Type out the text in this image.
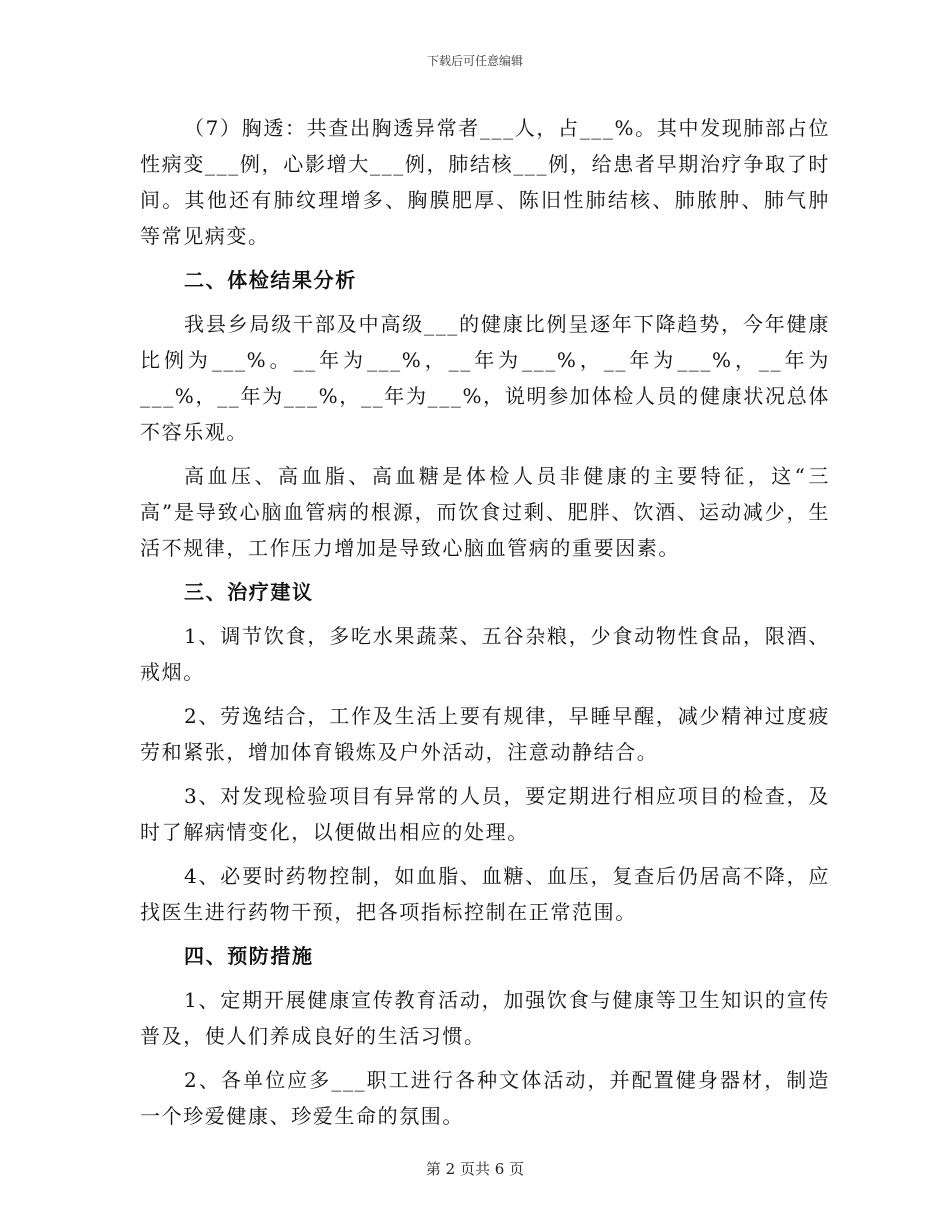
下载后可任意编辑

（7）胸透：共查出胸透异常者___人，占___%。其中发现肺部占位性病变___例，心影增大___例，肺结核___例，给患者早期治疗争取了时间。其他还有肺纹理增多、胸膜肥厚、陈旧性肺结核、肺脓肿、肺气肿等常见病变。

二、体检结果分析

我县乡局级干部及中高级___的健康比例呈逐年下降趋势，今年健康比例为___%。__年为___%，__年为___%，__年为___%，__年为___%，__年为___%，__年为___%，说明参加体检人员的健康状况总体不容乐观。

高血压、高血脂、高血糖是体检人员非健康的主要特征，这“三高”是导致心脑血管病的根源，而饮食过剩、肥胖、饮酒、运动减少，生活不规律，工作压力增加是导致心脑血管病的重要因素。

三、治疗建议

1、调节饮食，多吃水果蔬菜、五谷杂粮，少食动物性食品，限酒、戒烟。

2、劳逸结合，工作及生活上要有规律，早睡早醒，减少精神过度疲劳和紧张，增加体育锻炼及户外活动，注意动静结合。

3、对发现检验项目有异常的人员，要定期进行相应项目的检查，及时了解病情变化，以便做出相应的处理。

4、必要时药物控制，如血脂、血糖、血压，复查后仍居高不降，应找医生进行药物干预，把各项指标控制在正常范围。

四、预防措施

1、定期开展健康宣传教育活动，加强饮食与健康等卫生知识的宣传普及，使人们养成良好的生活习惯。

2、各单位应多___职工进行各种文体活动，并配置健身器材，制造一个珍爱健康、珍爱生命的氛围。

第 2 页共 6 页
